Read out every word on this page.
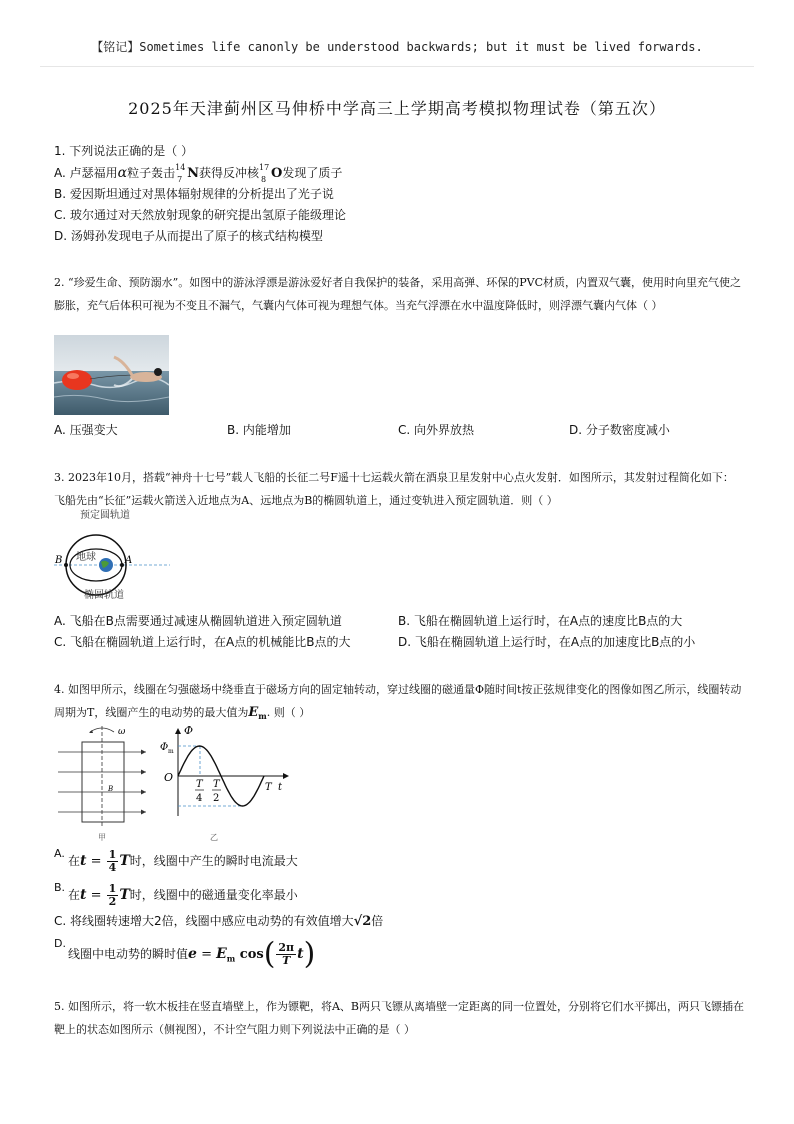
【铭记】Sometimes life canonly be understood backwards; but it must be lived forwards.
2025年天津蓟州区马伸桥中学高三上学期高考模拟物理试卷（第五次）
1. 下列说法正确的是（ ）
A. 卢瑟福用α粒子轰击 14
7 N获得反冲核 17
8 O发现了质子
B. 爱因斯坦通过对黑体辐射规律的分析提出了光子说
C. 玻尔通过对天然放射现象的研究提出氢原子能级理论
D. 汤姆孙发现电子从而提出了原子的核式结构模型
2. “珍爱生命、预防溺水”。如图中的游泳浮漂是游泳爱好者自我保护的装备，采用高弹、环保的PVC材质，内置双气囊，使用时向里充气使之膨胀，充气后体积可视为不变且不漏气，气囊内气体可视为理想气体。当充气浮漂在水中温度降低时，则浮漂气囊内气体（ ）
A. 压强变大	B. 内能增加	C. 向外界放热	D. 分子数密度减小
3. 2023年10月，搭载“神舟十七号”载人飞船的长征二号F遥十七运载火箭在酒泉卫星发射中心点火发射．如图所示，其发射过程简化如下：飞船先由“长征”运载火箭送入近地点为A、远地点为B的椭圆轨道上，通过变轨进入预定圆轨道．则（ ）
预定圆轨道
地球
椭圆轨道
B	A
A. 飞船在B点需要通过减速从椭圆轨道进入预定圆轨道	B. 飞船在椭圆轨道上运行时，在A点的速度比B点的大
C. 飞船在椭圆轨道上运行时，在A点的机械能比B点的大	D. 飞船在椭圆轨道上运行时，在A点的加速度比B点的小
4. 如图甲所示，线圈在匀强磁场中绕垂直于磁场方向的固定轴转动，穿过线圈的磁通量Φ随时间t按正弦规律变化的图像如图乙所示，线圈转动周期为T，线圈产生的电动势的最大值为$E_m$. 则（ ）
ω
B
甲
Φ
Φ m
O
T
4
T
2
T t
乙
A.
在$t = \frac{1}{4}$ T时，线圈中产生的瞬时电流最大
B.
在$t = \frac{1}{2}$ T时，线圈中的磁通量变化率最小
C. 将线圈转速增大2倍，线圈中感应电动势的有效值增大√2倍
D.
线圈中电动势的瞬时值$e = E_m$ $\cos( \frac{2\pi}{T} t)$
5. 如图所示，将一软木板挂在竖直墙壁上，作为镖靶，将A、B两只飞镖从离墙壁一定距离的同一位置处，分别将它们水平掷出，两只飞镖插在靶上的状态如图所示（侧视图），不计空气阻力则下列说法中正确的是（ ）
